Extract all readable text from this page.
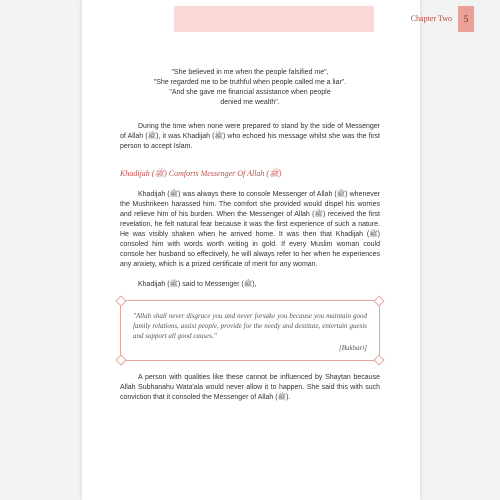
Chapter Two	5
"She believed in me when the people falsified me",
"She regarded me to be truthful when people called me a liar".
"And she gave me financial assistance when people
denied me wealth".

During the time when none were prepared to stand by the side of Messenger of Allah (ﷺ), it was Khadijah (ﷺ) who echoed his message whilst she was the first person to accept Islam.

Khadijah (ﷺ) Comforts Messenger Of Allah (ﷺ)

Khadijah (ﷺ) was always there to console Messenger of Allah (ﷺ) whenever the Mushrikeen harassed him. The comfort she provided would dispel his worries and relieve him of his burden. When the Messenger of Allah (ﷺ) received the first revelation, he felt natural fear because it was the first experience of such a nature. He was visibly shaken when he arrived home. It was then that Khadijah (ﷺ) consoled him with words worth writing in gold. If every Muslim woman could console her husband so effectively, he will always refer to her when he experiences any anxiety, which is a prized certificate of merit for any woman.

Khadijah (ﷺ) said to Messenger (ﷺ),

"Allah shall never disgrace you and never forsake you because you maintain good family relations, assist people, provide for the needy and destitute, entertain guests and support all good causes."
[Bukhari]

A person with qualities like these cannot be influenced by Shaytan because Allah Subhanahu Wata'ala would never allow it to happen. She said this with such conviction that it consoled the Messenger of Allah (ﷺ).
